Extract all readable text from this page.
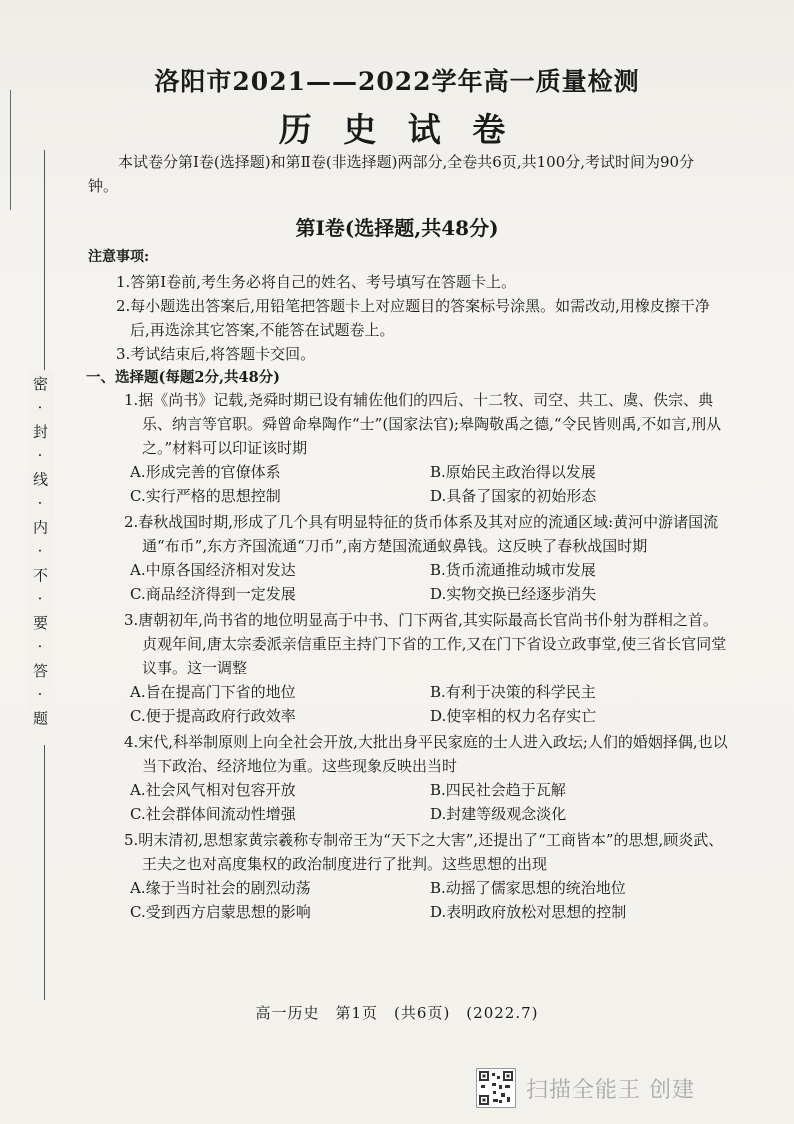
密·封·线·内·不·要·答·题
洛阳市2021——2022学年高一质量检测
历 史 试 卷
本试卷分第Ⅰ卷(选择题)和第Ⅱ卷(非选择题)两部分,全卷共6页,共100分,考试时间为90分钟。
第Ⅰ卷(选择题,共48分)
注意事项:
1.答第Ⅰ卷前,考生务必将自己的姓名、考号填写在答题卡上。
2.每小题选出答案后,用铅笔把答题卡上对应题目的答案标号涂黑。如需改动,用橡皮擦干净后,再选涂其它答案,不能答在试题卷上。
3.考试结束后,将答题卡交回。
一、选择题(每题2分,共48分)
1.据《尚书》记载,尧舜时期已设有辅佐他们的四后、十二牧、司空、共工、虞、佚宗、典乐、纳言等官职。舜曾命皋陶作“士”(国家法官);皋陶敬禹之德,“令民皆则禹,不如言,刑从之。”材料可以印证该时期
A.形成完善的官僚体系	B.原始民主政治得以发展
C.实行严格的思想控制	D.具备了国家的初始形态
2.春秋战国时期,形成了几个具有明显特征的货币体系及其对应的流通区域:黄河中游诸国流通“布币”,东方齐国流通“刀币”,南方楚国流通蚁鼻钱。这反映了春秋战国时期
A.中原各国经济相对发达	B.货币流通推动城市发展
C.商品经济得到一定发展	D.实物交换已经逐步消失
3.唐朝初年,尚书省的地位明显高于中书、门下两省,其实际最高长官尚书仆射为群相之首。贞观年间,唐太宗委派亲信重臣主持门下省的工作,又在门下省设立政事堂,使三省长官同堂议事。这一调整
A.旨在提高门下省的地位	B.有利于决策的科学民主
C.便于提高政府行政效率	D.使宰相的权力名存实亡
4.宋代,科举制原则上向全社会开放,大批出身平民家庭的士人进入政坛;人们的婚姻择偶,也以当下政治、经济地位为重。这些现象反映出当时
A.社会风气相对包容开放	B.四民社会趋于瓦解
C.社会群体间流动性增强	D.封建等级观念淡化
5.明末清初,思想家黄宗羲称专制帝王为“天下之大害”,还提出了“工商皆本”的思想,顾炎武、王夫之也对高度集权的政治制度进行了批判。这些思想的出现
A.缘于当时社会的剧烈动荡	B.动摇了儒家思想的统治地位
C.受到西方启蒙思想的影响	D.表明政府放松对思想的控制
高一历史　第1页　(共6页)　(2022.7)
扫描全能王 创建
